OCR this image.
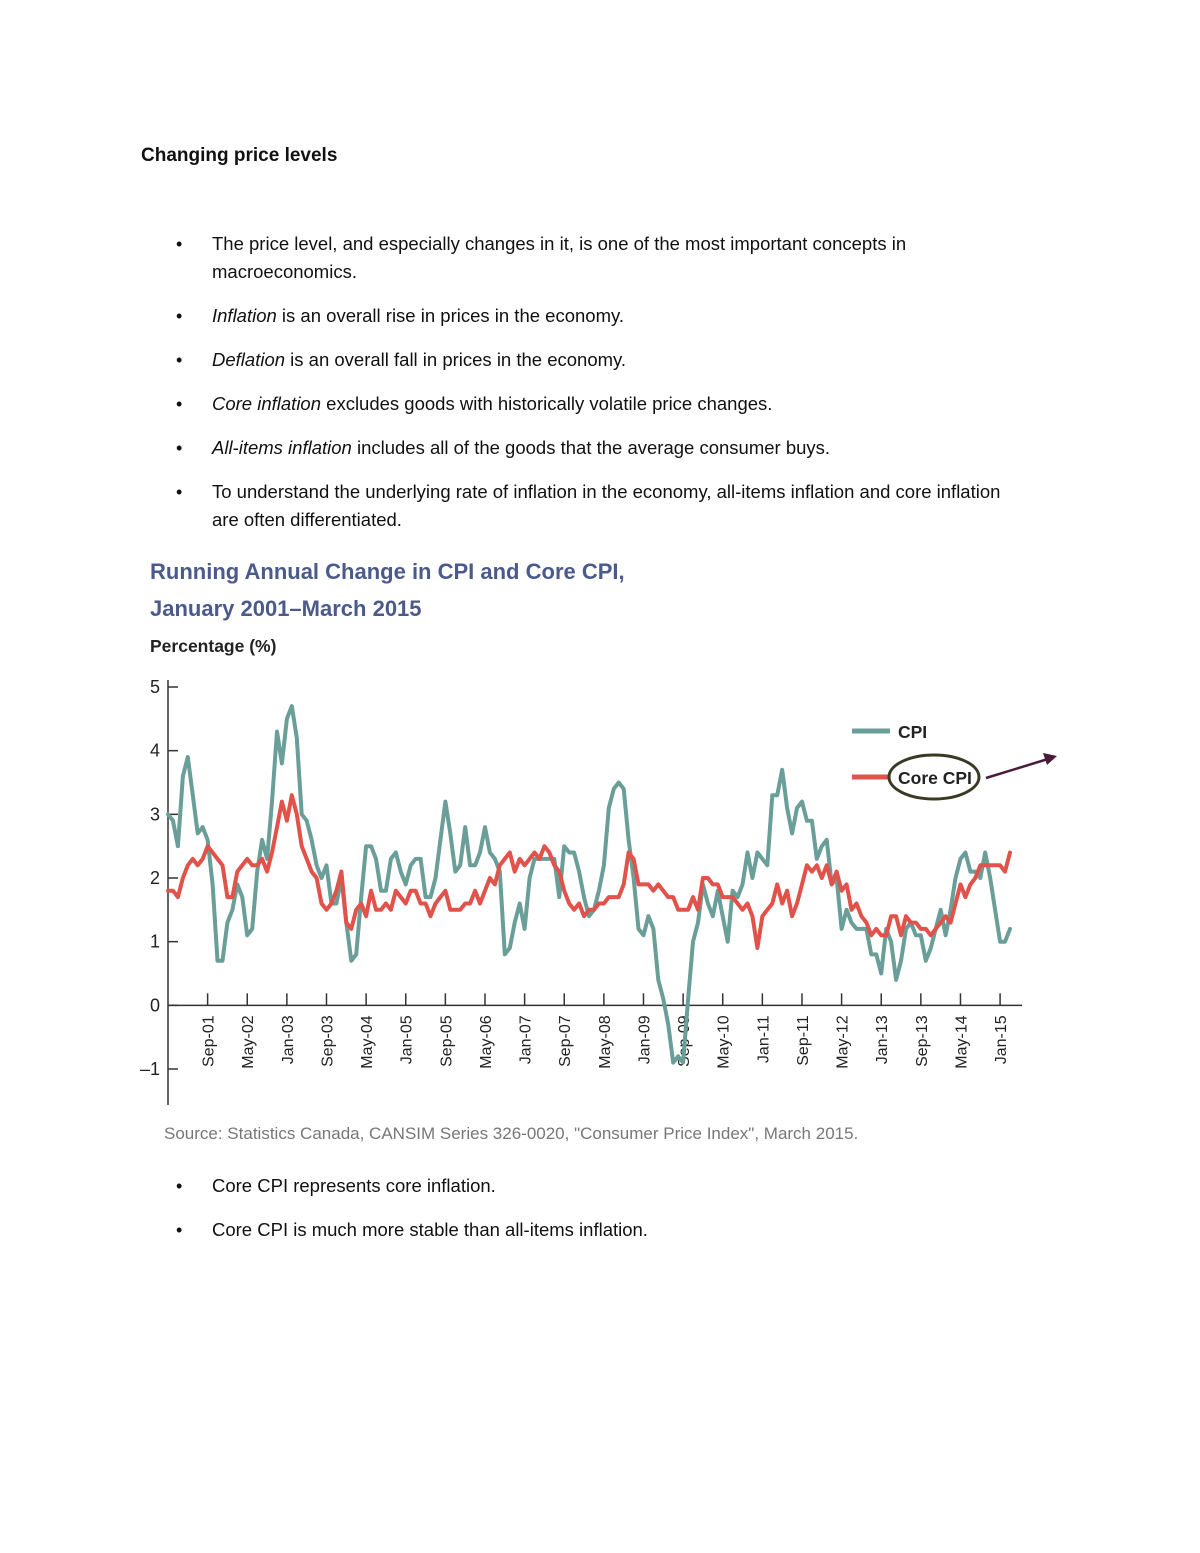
Changing price levels
• The price level, and especially changes in it, is one of the most important concepts in macroeconomics.
• Inflation is an overall rise in prices in the economy.
• Deflation is an overall fall in prices in the economy.
• Core inflation excludes goods with historically volatile price changes.
• All-items inflation includes all of the goods that the average consumer buys.
• To understand the underlying rate of inflation in the economy, all-items inflation and core inflation are often differentiated.
Running Annual Change in CPI and Core CPI,
January 2001–March 2015
Percentage (%)
5
4
3
2
1
0
–1
Sep-01 May-02 Jan-03 Sep-03 May-04 Jan-05 Sep-05 May-06 Jan-07 Sep-07 May-08 Jan-09 Sep-09 May-10 Jan-11 Sep-11 May-12 Jan-13 Sep-13 May-14 Jan-15
CPI
Core CPI
Source: Statistics Canada, CANSIM Series 326-0020, "Consumer Price Index", March 2015.
• Core CPI represents core inflation.
• Core CPI is much more stable than all-items inflation.
